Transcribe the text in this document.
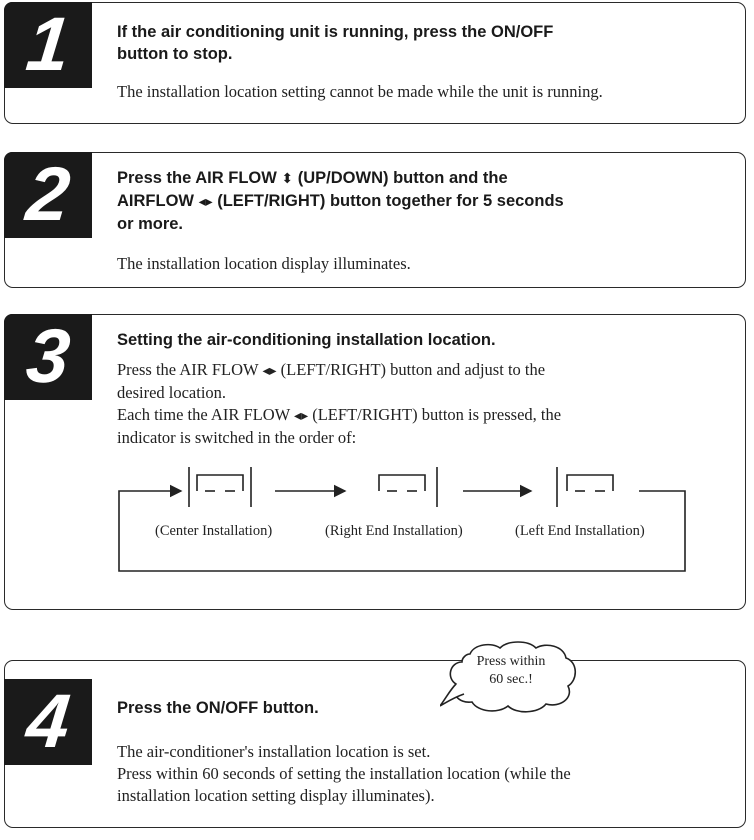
1	If the air conditioning unit is running, press the ON/OFF
button to stop.

The installation location setting cannot be made while the unit is running.

2	Press the AIR FLOW ⬍ (UP/DOWN) button and the
AIRFLOW ◂▸ (LEFT/RIGHT) button together for 5 seconds
or more.

The installation location display illuminates.

3	Setting the air-conditioning installation location.

Press the AIR FLOW ◂▸ (LEFT/RIGHT) button and adjust to the
desired location.
Each time the AIR FLOW ◂▸ (LEFT/RIGHT) button is pressed, the
indicator is switched in the order of:

(Center Installation)	(Right End Installation)	(Left End Installation)
4	Press the ON/OFF button.

The air-conditioner's installation location is set.
Press within 60 seconds of setting the installation location (while the
installation location setting display illuminates).

Press within
60 sec.!
